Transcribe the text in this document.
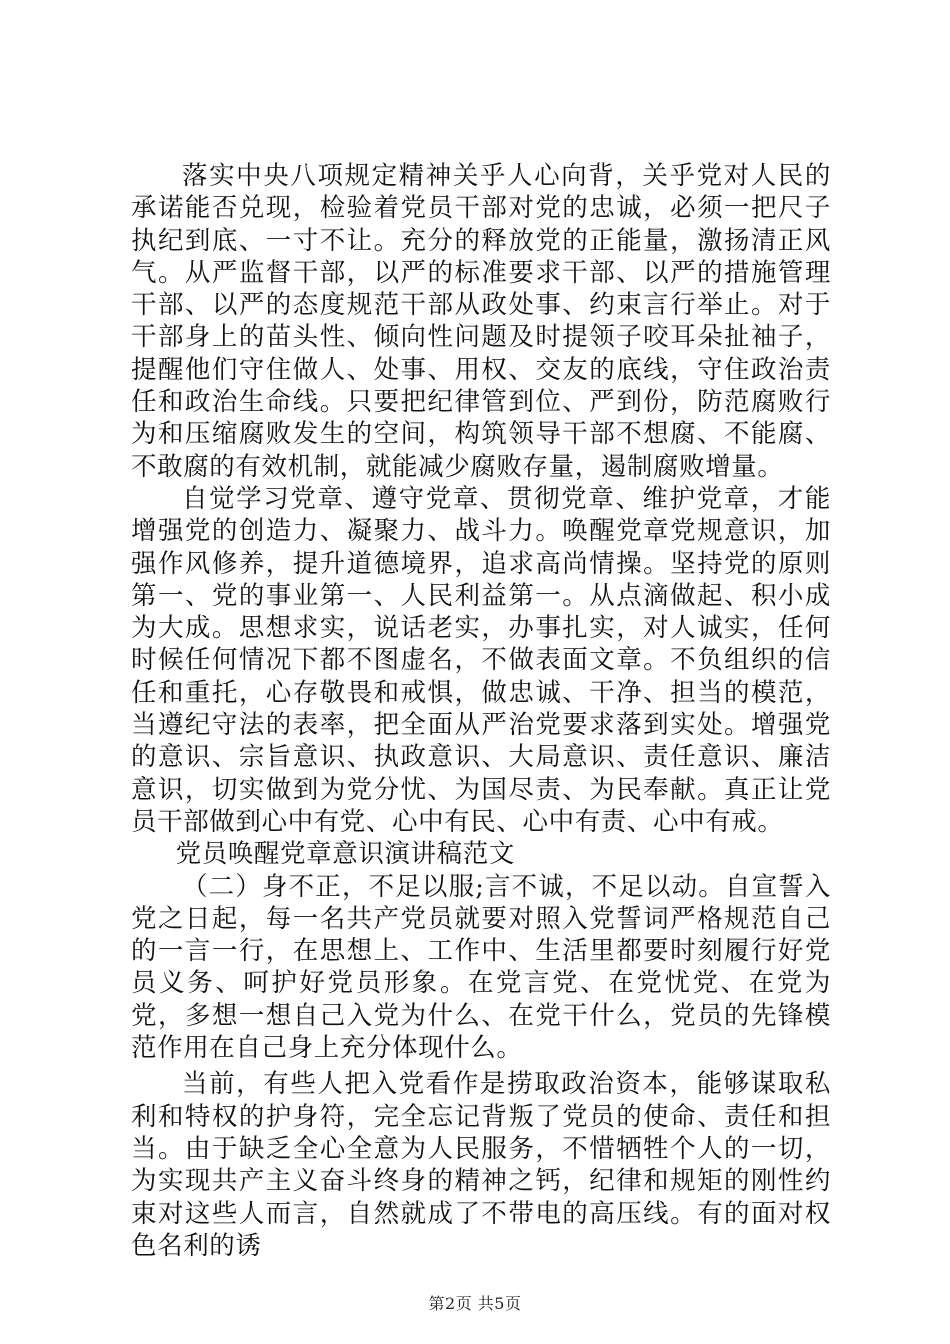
落实中央八项规定精神关乎人心向背，关乎党对人民的承诺能否兑现，检验着党员干部对党的忠诚，必须一把尺子执纪到底、一寸不让。充分的释放党的正能量，激扬清正风气。从严监督干部，以严的标准要求干部、以严的措施管理干部、以严的态度规范干部从政处事、约束言行举止。对于干部身上的苗头性、倾向性问题及时提领子咬耳朵扯袖子，提醒他们守住做人、处事、用权、交友的底线，守住政治责任和政治生命线。只要把纪律管到位、严到份，防范腐败行为和压缩腐败发生的空间，构筑领导干部不想腐、不能腐、不敢腐的有效机制，就能减少腐败存量，遏制腐败增量。

自觉学习党章、遵守党章、贯彻党章、维护党章，才能增强党的创造力、凝聚力、战斗力。唤醒党章党规意识，加强作风修养，提升道德境界，追求高尚情操。坚持党的原则第一、党的事业第一、人民利益第一。从点滴做起、积小成为大成。思想求实，说话老实，办事扎实，对人诚实，任何时候任何情况下都不图虚名，不做表面文章。不负组织的信任和重托，心存敬畏和戒惧，做忠诚、干净、担当的模范，当遵纪守法的表率，把全面从严治党要求落到实处。增强党的意识、宗旨意识、执政意识、大局意识、责任意识、廉洁意识，切实做到为党分忧、为国尽责、为民奉献。真正让党员干部做到心中有党、心中有民、心中有责、心中有戒。

党员唤醒党章意识演讲稿范文

（二）身不正，不足以服;言不诚，不足以动。自宣誓入党之日起，每一名共产党员就要对照入党誓词严格规范自己的一言一行，在思想上、工作中、生活里都要时刻履行好党员义务、呵护好党员形象。在党言党、在党忧党、在党为党，多想一想自己入党为什么、在党干什么，党员的先锋模范作用在自己身上充分体现什么。

当前，有些人把入党看作是捞取政治资本，能够谋取私利和特权的护身符，完全忘记背叛了党员的使命、责任和担当。由于缺乏全心全意为人民服务，不惜牺牲个人的一切，为实现共产主义奋斗终身的精神之钙，纪律和规矩的刚性约束对这些人而言，自然就成了不带电的高压线。有的面对权色名利的诱

第2页 共5页
